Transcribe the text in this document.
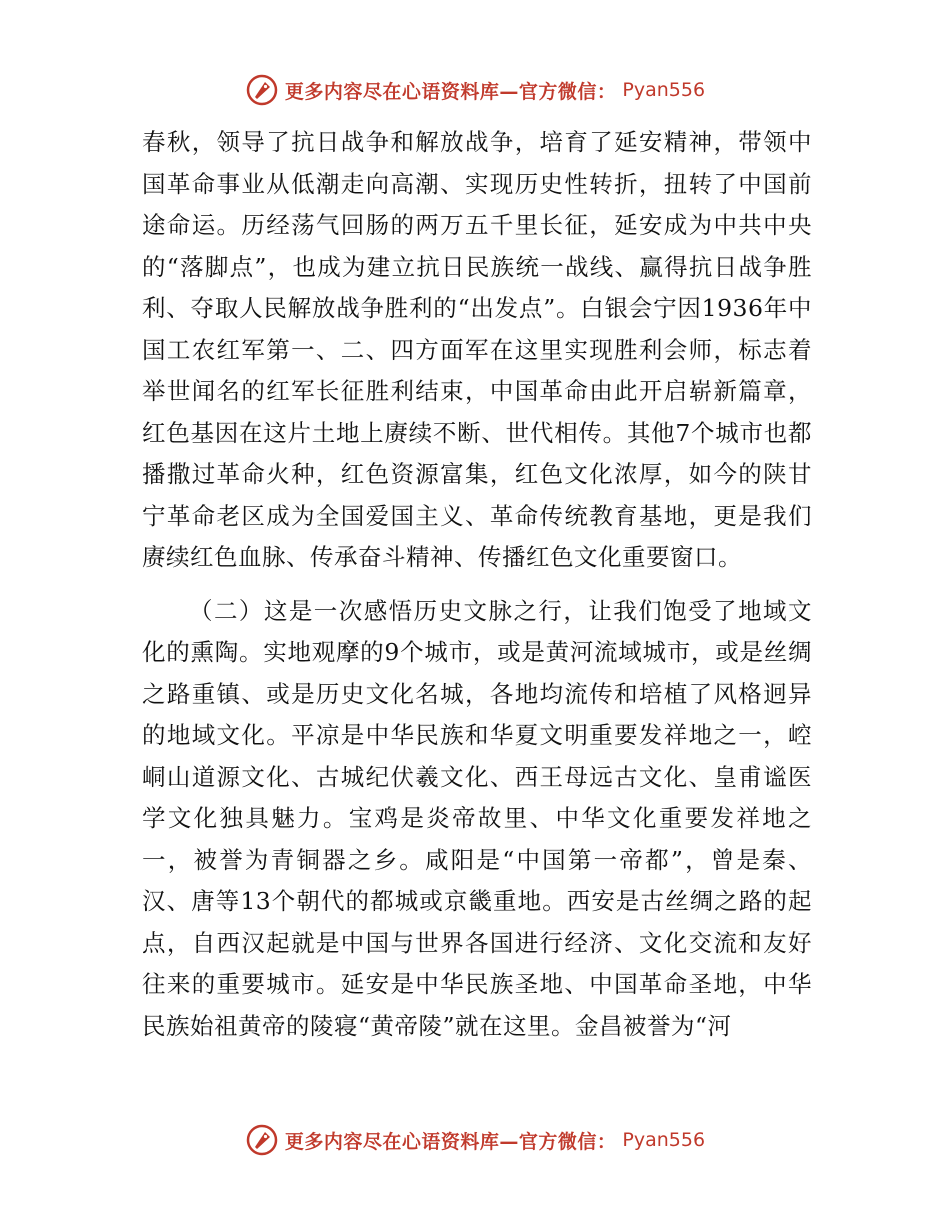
更多内容尽在心语资料库—官方微信： Pyan556

春秋，领导了抗日战争和解放战争，培育了延安精神，带领中国革命事业从低潮走向高潮、实现历史性转折，扭转了中国前途命运。历经荡气回肠的两万五千里长征，延安成为中共中央的“落脚点”，也成为建立抗日民族统一战线、赢得抗日战争胜利、夺取人民解放战争胜利的“出发点”。白银会宁因1936年中国工农红军第一、二、四方面军在这里实现胜利会师，标志着举世闻名的红军长征胜利结束，中国革命由此开启崭新篇章，红色基因在这片土地上赓续不断、世代相传。其他7个城市也都播撒过革命火种，红色资源富集，红色文化浓厚，如今的陕甘宁革命老区成为全国爱国主义、革命传统教育基地，更是我们赓续红色血脉、传承奋斗精神、传播红色文化重要窗口。

（二）这是一次感悟历史文脉之行，让我们饱受了地域文化的熏陶。实地观摩的9个城市，或是黄河流域城市，或是丝绸之路重镇、或是历史文化名城，各地均流传和培植了风格迥异的地域文化。平凉是中华民族和华夏文明重要发祥地之一，崆峒山道源文化、古城纪伏羲文化、西王母远古文化、皇甫谧医学文化独具魅力。宝鸡是炎帝故里、中华文化重要发祥地之一，被誉为青铜器之乡。咸阳是“中国第一帝都”，曾是秦、汉、唐等13个朝代的都城或京畿重地。西安是古丝绸之路的起点，自西汉起就是中国与世界各国进行经济、文化交流和友好往来的重要城市。延安是中华民族圣地、中国革命圣地，中华民族始祖黄帝的陵寝“黄帝陵”就在这里。金昌被誉为“河

更多内容尽在心语资料库—官方微信： Pyan556
